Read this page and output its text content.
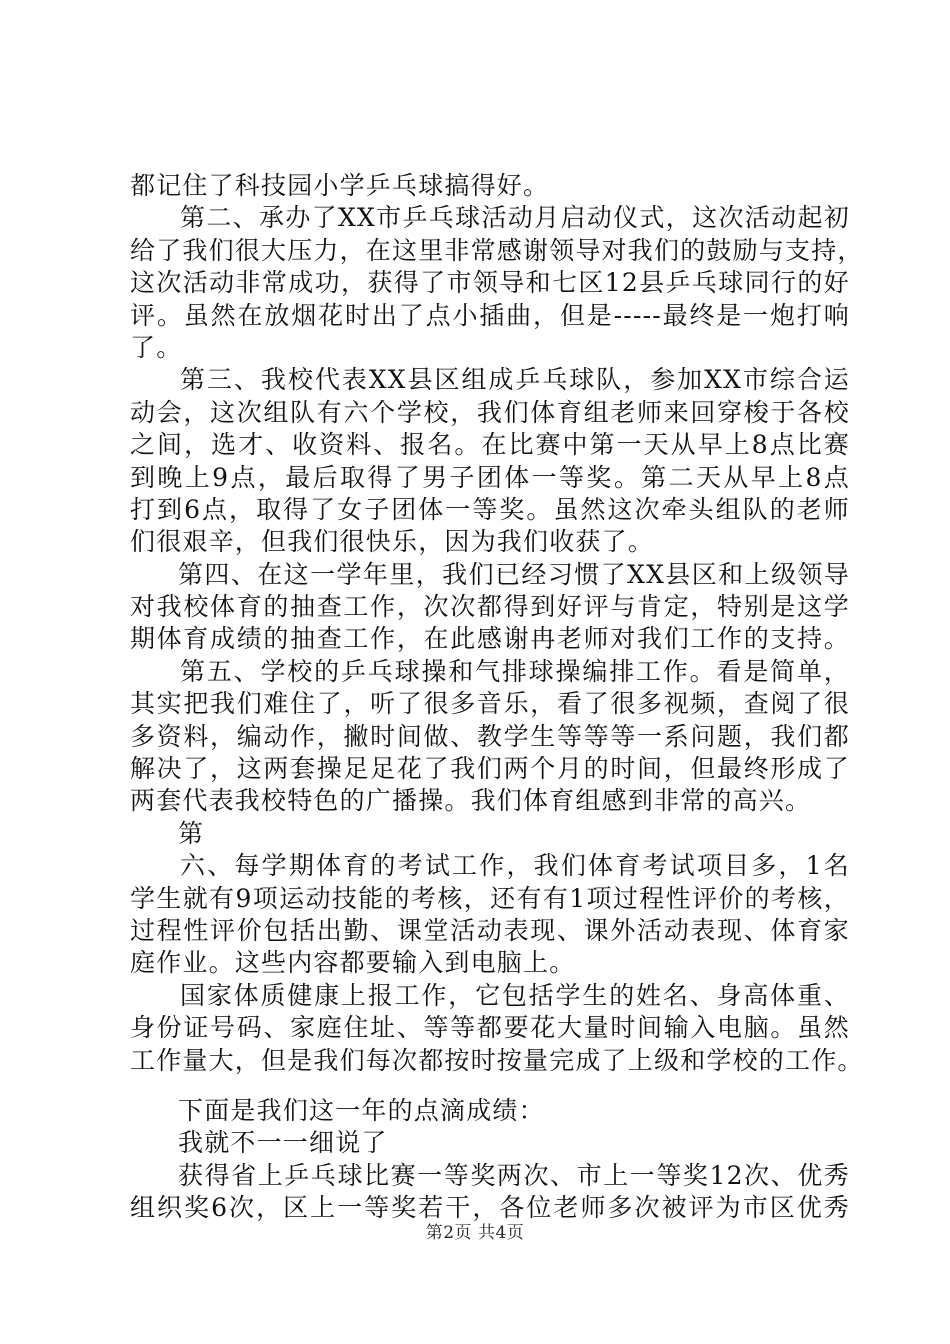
都记住了科技园小学乒乓球搞得好。
第二、承办了XX市乒乓球活动月启动仪式，这次活动起初
给了我们很大压力，在这里非常感谢领导对我们的鼓励与支持，
这次活动非常成功，获得了市领导和七区12县乒乓球同行的好
评。虽然在放烟花时出了点小插曲，但是-----最终是一炮打响
了。
第三、我校代表XX县区组成乒乓球队，参加XX市综合运
动会，这次组队有六个学校，我们体育组老师来回穿梭于各校
之间，选才、收资料、报名。在比赛中第一天从早上8点比赛
到晚上9点，最后取得了男子团体一等奖。第二天从早上8点
打到6点，取得了女子团体一等奖。虽然这次牵头组队的老师
们很艰辛，但我们很快乐，因为我们收获了。
第四、在这一学年里，我们已经习惯了XX县区和上级领导
对我校体育的抽查工作，次次都得到好评与肯定，特别是这学
期体育成绩的抽查工作，在此感谢冉老师对我们工作的支持。
第五、学校的乒乓球操和气排球操编排工作。看是简单，
其实把我们难住了，听了很多音乐，看了很多视频，查阅了很
多资料，编动作，撇时间做、教学生等等等一系问题，我们都
解决了，这两套操足足花了我们两个月的时间，但最终形成了
两套代表我校特色的广播操。我们体育组感到非常的高兴。
第
六、每学期体育的考试工作，我们体育考试项目多，1名
学生就有9项运动技能的考核，还有有1项过程性评价的考核，
过程性评价包括出勤、课堂活动表现、课外活动表现、体育家
庭作业。这些内容都要输入到电脑上。
国家体质健康上报工作，它包括学生的姓名、身高体重、
身份证号码、家庭住址、等等都要花大量时间输入电脑。虽然
工作量大，但是我们每次都按时按量完成了上级和学校的工作。
下面是我们这一年的点滴成绩：
我就不一一细说了
获得省上乒乓球比赛一等奖两次、市上一等奖12次、优秀
组织奖6次，区上一等奖若干，各位老师多次被评为市区优秀
第2页 共4页
